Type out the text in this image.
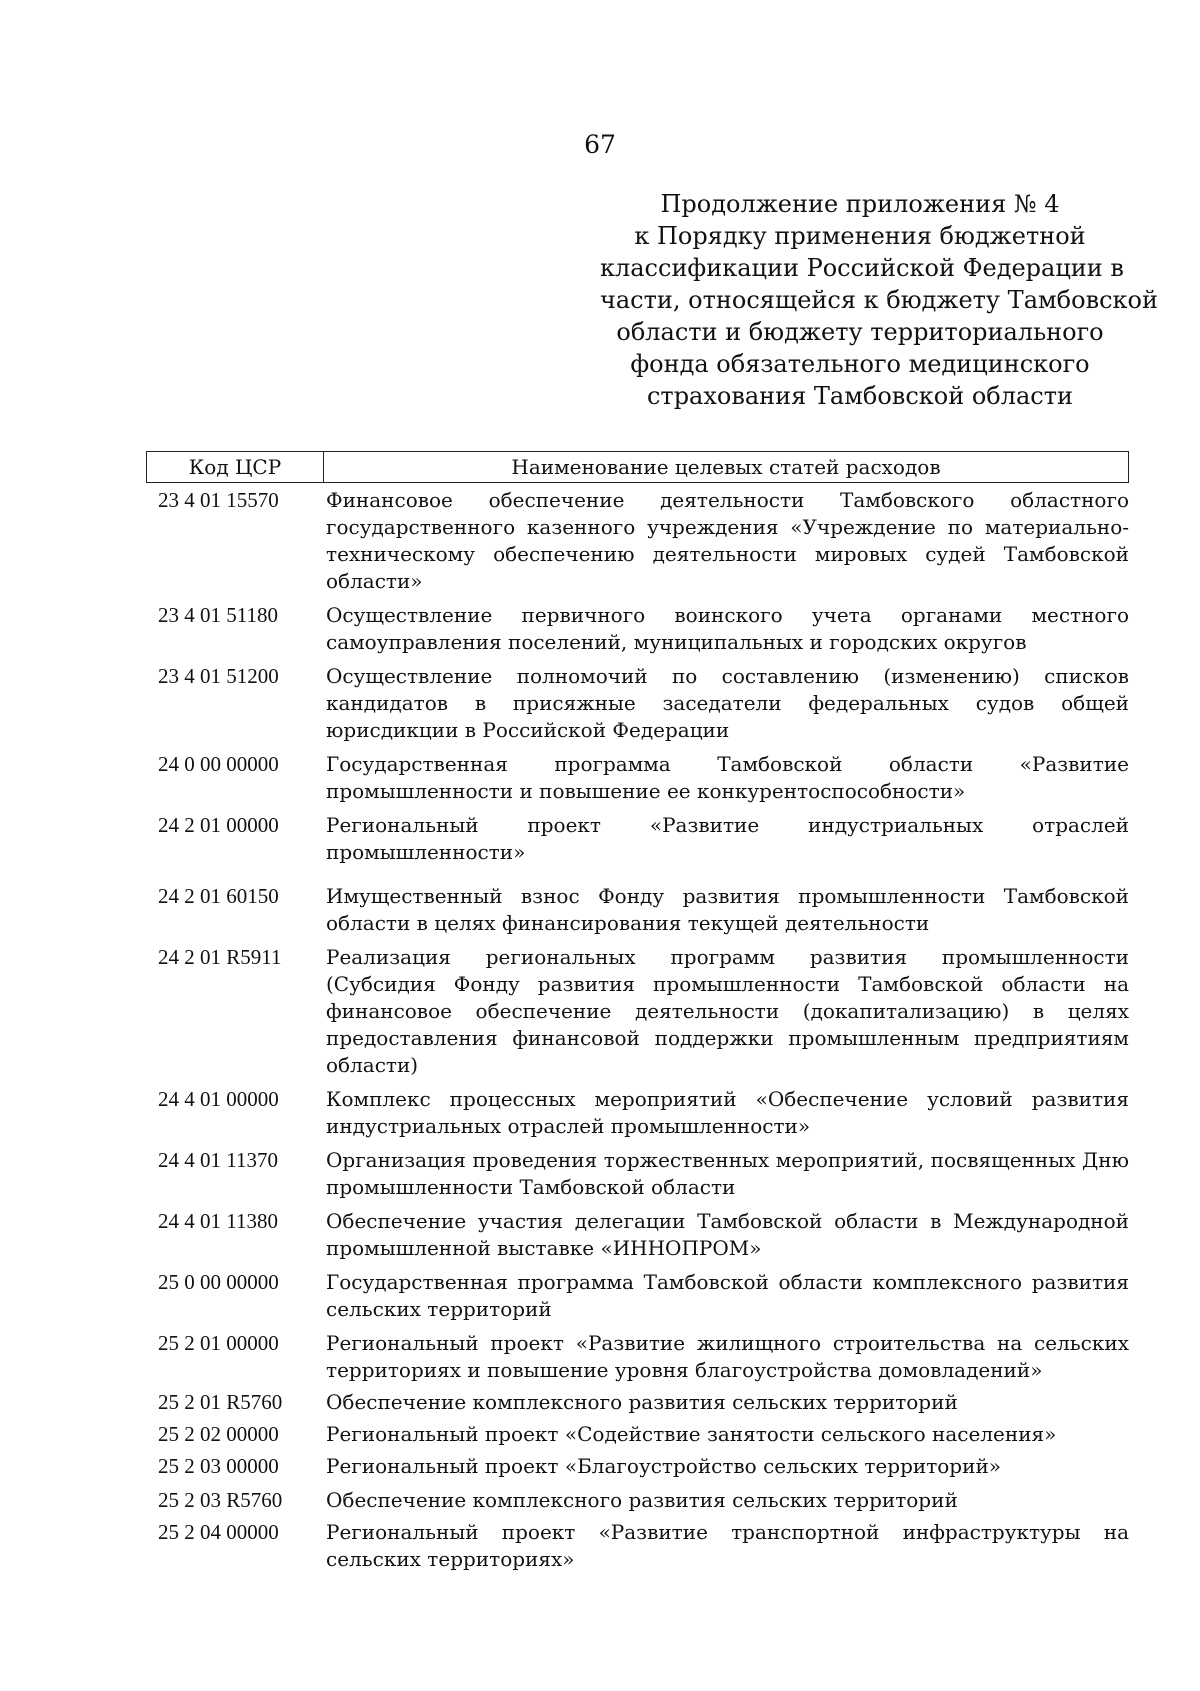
67
Продолжение приложения № 4
к Порядку применения бюджетной
классификации Российской Федерации в
части, относящейся к бюджету Тамбовской
области и бюджету территориального
фонда обязательного медицинского
страхования Тамбовской области
Код ЦСР	Наименование целевых статей расходов
23 4 01 15570	Финансовое обеспечение деятельности Тамбовского областного государственного казенного учреждения «Учреждение по материально-техническому обеспечению деятельности мировых судей Тамбовской области»
23 4 01 51180	Осуществление первичного воинского учета органами местного самоуправления поселений, муниципальных и городских округов
23 4 01 51200	Осуществление полномочий по составлению (изменению) списков кандидатов в присяжные заседатели федеральных судов общей юрисдикции в Российской Федерации
24 0 00 00000	Государственная программа Тамбовской области «Развитие промышленности и повышение ее конкурентоспособности»
24 2 01 00000	Региональный проект «Развитие индустриальных отраслей промышленности»
24 2 01 60150	Имущественный взнос Фонду развития промышленности Тамбовской области в целях финансирования текущей деятельности
24 2 01 R5911	Реализация региональных программ развития промышленности (Субсидия Фонду развития промышленности Тамбовской области на финансовое обеспечение деятельности (докапитализацию) в целях предоставления финансовой поддержки промышленным предприятиям области)
24 4 01 00000	Комплекс процессных мероприятий «Обеспечение условий развития индустриальных отраслей промышленности»
24 4 01 11370	Организация проведения торжественных мероприятий, посвященных Дню промышленности Тамбовской области
24 4 01 11380	Обеспечение участия делегации Тамбовской области в Международной промышленной выставке «ИННОПРОМ»
25 0 00 00000	Государственная программа Тамбовской области комплексного развития сельских территорий
25 2 01 00000	Региональный проект «Развитие жилищного строительства на сельских территориях и повышение уровня благоустройства домовладений»
25 2 01 R5760	Обеспечение комплексного развития сельских территорий
25 2 02 00000	Региональный проект «Содействие занятости сельского населения»
25 2 03 00000	Региональный проект «Благоустройство сельских территорий»
25 2 03 R5760	Обеспечение комплексного развития сельских территорий
25 2 04 00000	Региональный проект «Развитие транспортной инфраструктуры на сельских территориях»
